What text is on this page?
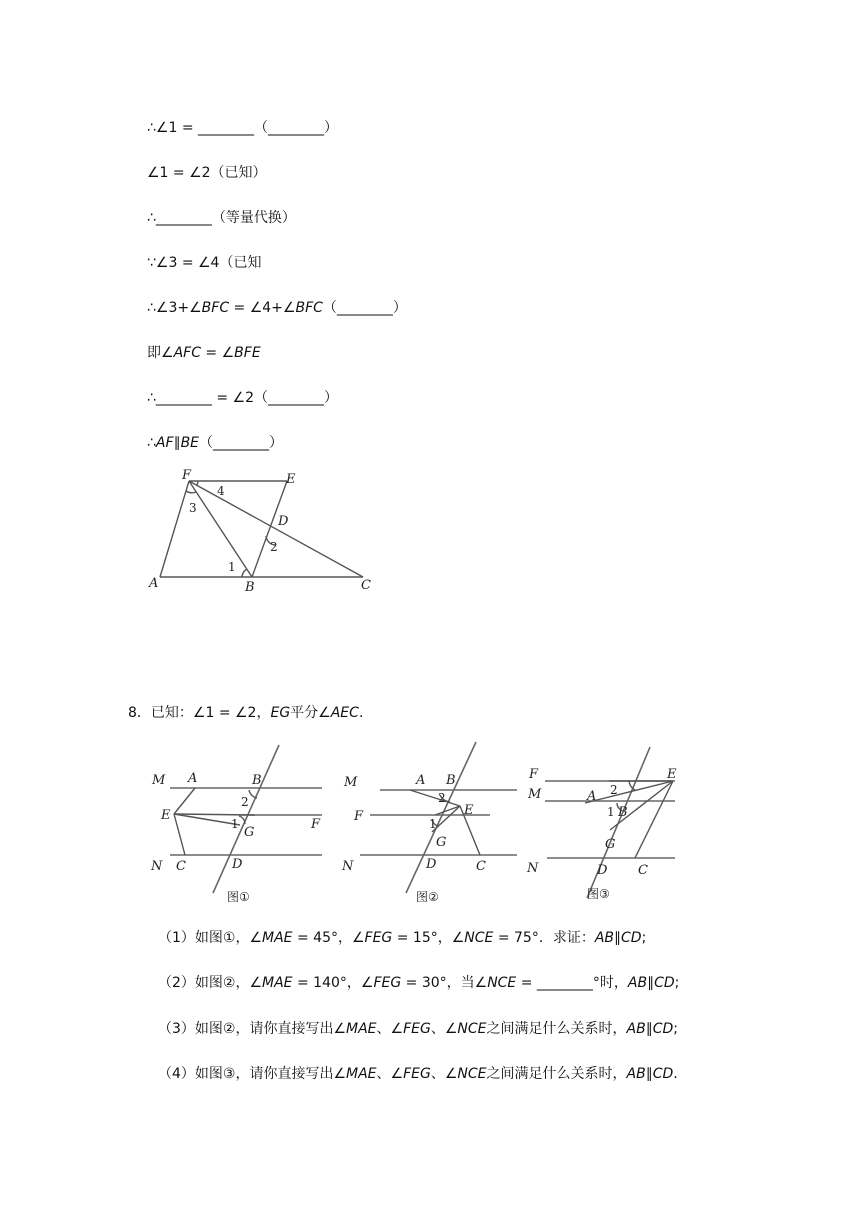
∴∠1 = ________（________）
∠1 = ∠2（已知）
∴________（等量代换）
∵∠3 = ∠4（已知
∴∠3+∠BFC = ∠4+∠BFC（________）
即∠AFC = ∠BFE
∴________ = ∠2（________）
∴AF∥BE（________）
F	E
D
A	B	C
1
2
3
4
8．已知：∠1 = ∠2，EG平分∠AEC.
M A	B
E
G
F
N C	D
1
2
图①
M	A B
E
F
G
N	D	C
1
2
图②
F	E
M	A
B
G
N	D C
1
2
图③
（1）如图①，∠MAE = 45°，∠FEG = 15°，∠NCE = 75°．求证：AB∥CD;
（2）如图②，∠MAE = 140°，∠FEG = 30°，当∠NCE = ________°时，AB∥CD;
（3）如图②，请你直接写出∠MAE、∠FEG、∠NCE之间满足什么关系时，AB∥CD;
（4）如图③，请你直接写出∠MAE、∠FEG、∠NCE之间满足什么关系时，AB∥CD.
